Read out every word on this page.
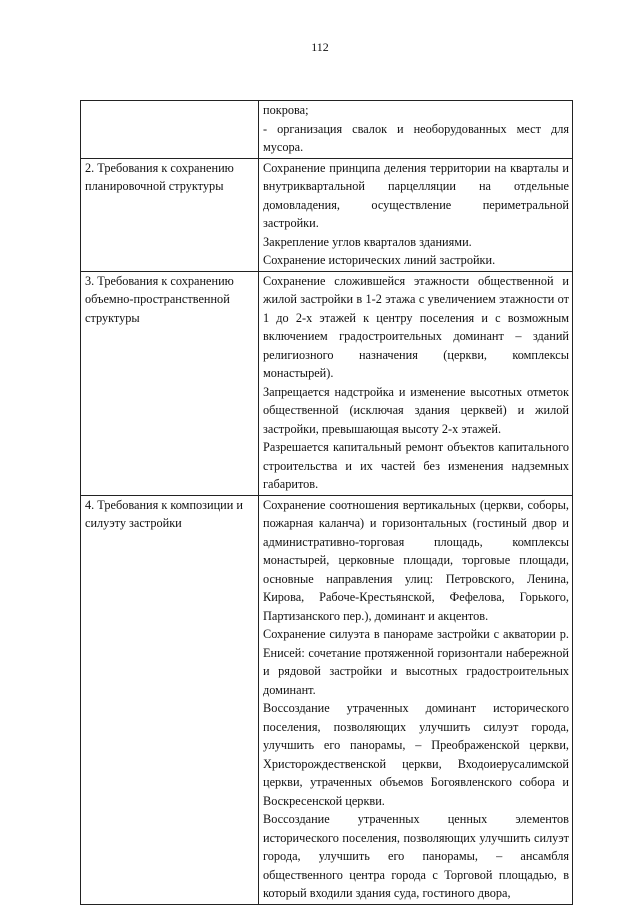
112

	покрова;
- организация свалок и необорудованных мест для мусора.

2. Требования к сохранению планировочной структуры	Сохранение принципа деления территории на кварталы и внутриквартальной парцелляции на отдельные домовладения, осуществление периметральной застройки.
Закрепление углов кварталов зданиями.
Сохранение исторических линий застройки.

3. Требования к сохранению объемно-пространственной структуры	Сохранение сложившейся этажности общественной и жилой застройки в 1-2 этажа с увеличением этажности от 1 до 2-х этажей к центру поселения и с возможным включением градостроительных доминант – зданий религиозного назначения (церкви, комплексы монастырей).
Запрещается надстройка и изменение высотных отметок общественной (исключая здания церквей) и жилой застройки, превышающая высоту 2-х этажей.
Разрешается капитальный ремонт объектов капитального строительства и их частей без изменения надземных габаритов.

4. Требования к композиции и силуэту застройки	Сохранение соотношения вертикальных (церкви, соборы, пожарная каланча) и горизонтальных (гостиный двор и административно-торговая площадь, комплексы монастырей, церковные площади, торговые площади, основные направления улиц: Петровского, Ленина, Кирова, Рабоче-Крестьянской, Фефелова, Горького, Партизанского пер.), доминант и акцентов.
Сохранение силуэта в панораме застройки с акватории р. Енисей: сочетание протяженной горизонтали набережной и рядовой застройки и высотных градостроительных доминант.
Воссоздание утраченных доминант исторического поселения, позволяющих улучшить силуэт города, улучшить его панорамы, – Преображенской церкви, Христорождественской церкви, Входоиерусалимской церкви, утраченных объемов Богоявленского собора и Воскресенской церкви.
Воссоздание утраченных ценных элементов исторического поселения, позволяющих улучшить силуэт города, улучшить его панорамы, – ансамбля общественного центра города с Торговой площадью, в который входили здания суда, гостиного двора,
